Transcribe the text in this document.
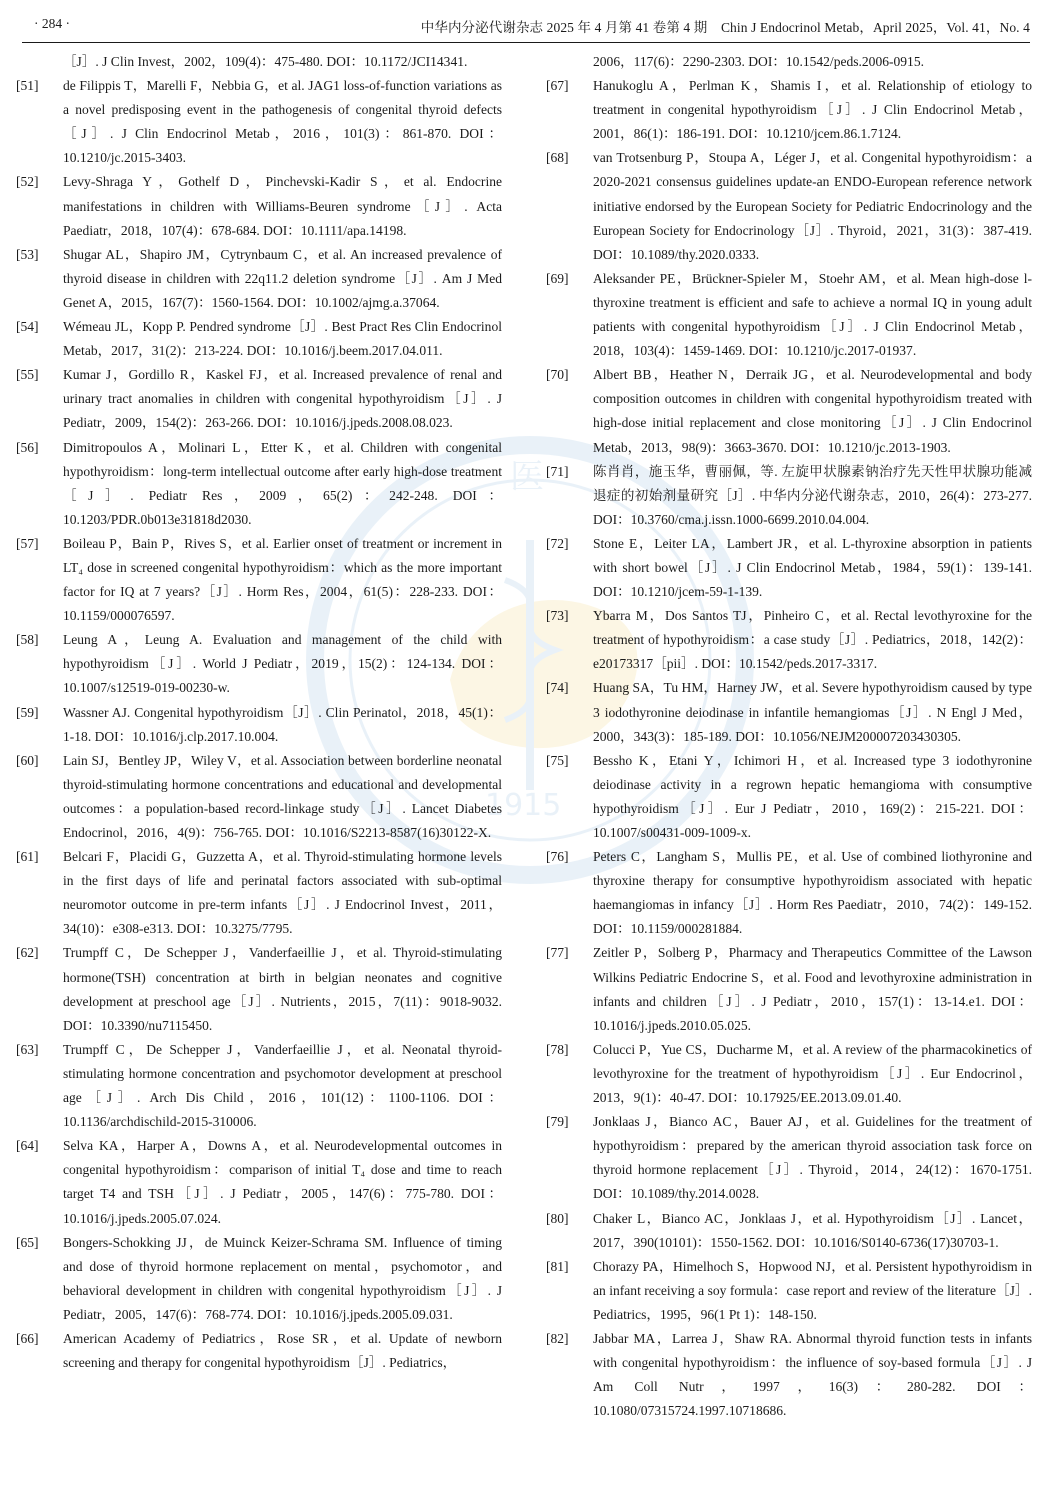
医
1915
· 284 ·	中华内分泌代谢杂志 2025 年 4 月第 41 卷第 4 期　Chin J Endocrinol Metab，April 2025，Vol. 41，No. 4
［J］. J Clin Invest，2002，109(4)：475-480. DOI：10.1172/JCI14341.
[51]	de Filippis T，Marelli F，Nebbia G，et al. JAG1 loss-of-function variations as a novel predisposing event in the pathogenesis of congenital thyroid defects［J］. J Clin Endocrinol Metab，2016，101(3)：861-870. DOI：10.1210/jc.2015-3403.
[52]	Levy-Shraga Y，Gothelf D，Pinchevski-Kadir S，et al. Endocrine manifestations in children with Williams-Beuren syndrome［J］. Acta Paediatr，2018，107(4)：678-684. DOI：10.1111/apa.14198.
[53]	Shugar AL，Shapiro JM，Cytrynbaum C，et al. An increased prevalence of thyroid disease in children with 22q11.2 deletion syndrome［J］. Am J Med Genet A，2015，167(7)：1560-1564. DOI：10.1002/ajmg.a.37064.
[54]	Wémeau JL，Kopp P. Pendred syndrome［J］. Best Pract Res Clin Endocrinol Metab，2017，31(2)：213-224. DOI：10.1016/j.beem.2017.04.011.
[55]	Kumar J，Gordillo R，Kaskel FJ，et al. Increased prevalence of renal and urinary tract anomalies in children with congenital hypothyroidism［J］. J Pediatr，2009，154(2)：263-266. DOI：10.1016/j.jpeds.2008.08.023.
[56]	Dimitropoulos A，Molinari L，Etter K，et al. Children with congenital hypothyroidism：long-term intellectual outcome after early high-dose treatment［J］. Pediatr Res，2009，65(2)：242-248. DOI：10.1203/PDR.0b013e31818d2030.
[57]	Boileau P，Bain P，Rives S，et al. Earlier onset of treatment or increment in LT₄ dose in screened congenital hypothyroidism：which as the more important factor for IQ at 7 years?［J］. Horm Res，2004，61(5)：228-233. DOI：10.1159/000076597.
[58]	Leung A，Leung A. Evaluation and management of the child with hypothyroidism［J］. World J Pediatr，2019，15(2)：124-134. DOI：10.1007/s12519-019-00230-w.
[59]	Wassner AJ. Congenital hypothyroidism［J］. Clin Perinatol，2018，45(1)：1-18. DOI：10.1016/j.clp.2017.10.004.
[60]	Lain SJ，Bentley JP，Wiley V，et al. Association between borderline neonatal thyroid-stimulating hormone concentrations and educational and developmental outcomes：a population-based record-linkage study［J］. Lancet Diabetes Endocrinol，2016，4(9)：756-765. DOI：10.1016/S2213-8587(16)30122-X.
[61]	Belcari F，Placidi G，Guzzetta A，et al. Thyroid-stimulating hormone levels in the first days of life and perinatal factors associated with sub-optimal neuromotor outcome in pre-term infants［J］. J Endocrinol Invest，2011，34(10)：e308-e313. DOI：10.3275/7795.
[62]	Trumpff C，De Schepper J，Vanderfaeillie J，et al. Thyroid-stimulating hormone(TSH) concentration at birth in belgian neonates and cognitive development at preschool age［J］. Nutrients，2015，7(11)：9018-9032. DOI：10.3390/nu7115450.
[63]	Trumpff C，De Schepper J，Vanderfaeillie J，et al. Neonatal thyroid-stimulating hormone concentration and psychomotor development at preschool age［J］. Arch Dis Child，2016，101(12)：1100-1106. DOI：10.1136/archdischild-2015-310006.
[64]	Selva KA，Harper A，Downs A，et al. Neurodevelopmental outcomes in congenital hypothyroidism：comparison of initial T₄ dose and time to reach target T4 and TSH［J］. J Pediatr，2005，147(6)：775-780. DOI：10.1016/j.jpeds.2005.07.024.
[65]	Bongers-Schokking JJ，de Muinck Keizer-Schrama SM. Influence of timing and dose of thyroid hormone replacement on mental，psychomotor，and behavioral development in children with congenital hypothyroidism［J］. J Pediatr，2005，147(6)：768-774. DOI：10.1016/j.jpeds.2005.09.031.
[66]	American Academy of Pediatrics，Rose SR，et al. Update of newborn screening and therapy for congenital hypothyroidism［J］. Pediatrics，
2006，117(6)：2290-2303. DOI：10.1542/peds.2006-0915.
[67]	Hanukoglu A，Perlman K，Shamis I，et al. Relationship of etiology to treatment in congenital hypothyroidism［J］. J Clin Endocrinol Metab，2001，86(1)：186-191. DOI：10.1210/jcem.86.1.7124.
[68]	van Trotsenburg P，Stoupa A，Léger J，et al. Congenital hypothyroidism：a 2020-2021 consensus guidelines update-an ENDO-European reference network initiative endorsed by the European Society for Pediatric Endocrinology and the European Society for Endocrinology［J］. Thyroid，2021，31(3)：387-419. DOI：10.1089/thy.2020.0333.
[69]	Aleksander PE，Brückner-Spieler M，Stoehr AM，et al. Mean high-dose l-thyroxine treatment is efficient and safe to achieve a normal IQ in young adult patients with congenital hypothyroidism［J］. J Clin Endocrinol Metab，2018，103(4)：1459-1469. DOI：10.1210/jc.2017-01937.
[70]	Albert BB，Heather N，Derraik JG，et al. Neurodevelopmental and body composition outcomes in children with congenital hypothyroidism treated with high-dose initial replacement and close monitoring［J］. J Clin Endocrinol Metab，2013，98(9)：3663-3670. DOI：10.1210/jc.2013-1903.
[71]	陈肖肖，施玉华，曹丽佩，等. 左旋甲状腺素钠治疗先天性甲状腺功能减退症的初始剂量研究［J］. 中华内分泌代谢杂志，2010，26(4)：273-277. DOI：10.3760/cma.j.issn.1000-6699.2010.04.004.
[72]	Stone E，Leiter LA，Lambert JR，et al. L-thyroxine absorption in patients with short bowel［J］. J Clin Endocrinol Metab，1984，59(1)：139-141. DOI：10.1210/jcem-59-1-139.
[73]	Ybarra M，Dos Santos TJ，Pinheiro C，et al. Rectal levothyroxine for the treatment of hypothyroidism：a case study［J］. Pediatrics，2018，142(2)：e20173317［pii］. DOI：10.1542/peds.2017-3317.
[74]	Huang SA，Tu HM，Harney JW，et al. Severe hypothyroidism caused by type 3 iodothyronine deiodinase in infantile hemangiomas［J］. N Engl J Med，2000，343(3)：185-189. DOI：10.1056/NEJM200007203430305.
[75]	Bessho K，Etani Y，Ichimori H，et al. Increased type 3 iodothyronine deiodinase activity in a regrown hepatic hemangioma with consumptive hypothyroidism［J］. Eur J Pediatr，2010，169(2)：215-221. DOI：10.1007/s00431-009-1009-x.
[76]	Peters C，Langham S，Mullis PE，et al. Use of combined liothyronine and thyroxine therapy for consumptive hypothyroidism associated with hepatic haemangiomas in infancy［J］. Horm Res Paediatr，2010，74(2)：149-152. DOI：10.1159/000281884.
[77]	Zeitler P，Solberg P，Pharmacy and Therapeutics Committee of the Lawson Wilkins Pediatric Endocrine S，et al. Food and levothyroxine administration in infants and children［J］. J Pediatr，2010，157(1)：13-14.e1. DOI：10.1016/j.jpeds.2010.05.025.
[78]	Colucci P，Yue CS，Ducharme M，et al. A review of the pharmacokinetics of levothyroxine for the treatment of hypothyroidism［J］. Eur Endocrinol，2013，9(1)：40-47. DOI：10.17925/EE.2013.09.01.40.
[79]	Jonklaas J，Bianco AC，Bauer AJ，et al. Guidelines for the treatment of hypothyroidism：prepared by the american thyroid association task force on thyroid hormone replacement［J］. Thyroid，2014，24(12)：1670-1751. DOI：10.1089/thy.2014.0028.
[80]	Chaker L，Bianco AC，Jonklaas J，et al. Hypothyroidism［J］. Lancet，2017，390(10101)：1550-1562. DOI：10.1016/S0140-6736(17)30703-1.
[81]	Chorazy PA，Himelhoch S，Hopwood NJ，et al. Persistent hypothyroidism in an infant receiving a soy formula：case report and review of the literature［J］. Pediatrics，1995，96(1 Pt 1)：148-150.
[82]	Jabbar MA，Larrea J，Shaw RA. Abnormal thyroid function tests in infants with congenital hypothyroidism：the influence of soy-based formula［J］. J Am Coll Nutr，1997，16(3)：280-282. DOI：10.1080/07315724.1997.10718686.
